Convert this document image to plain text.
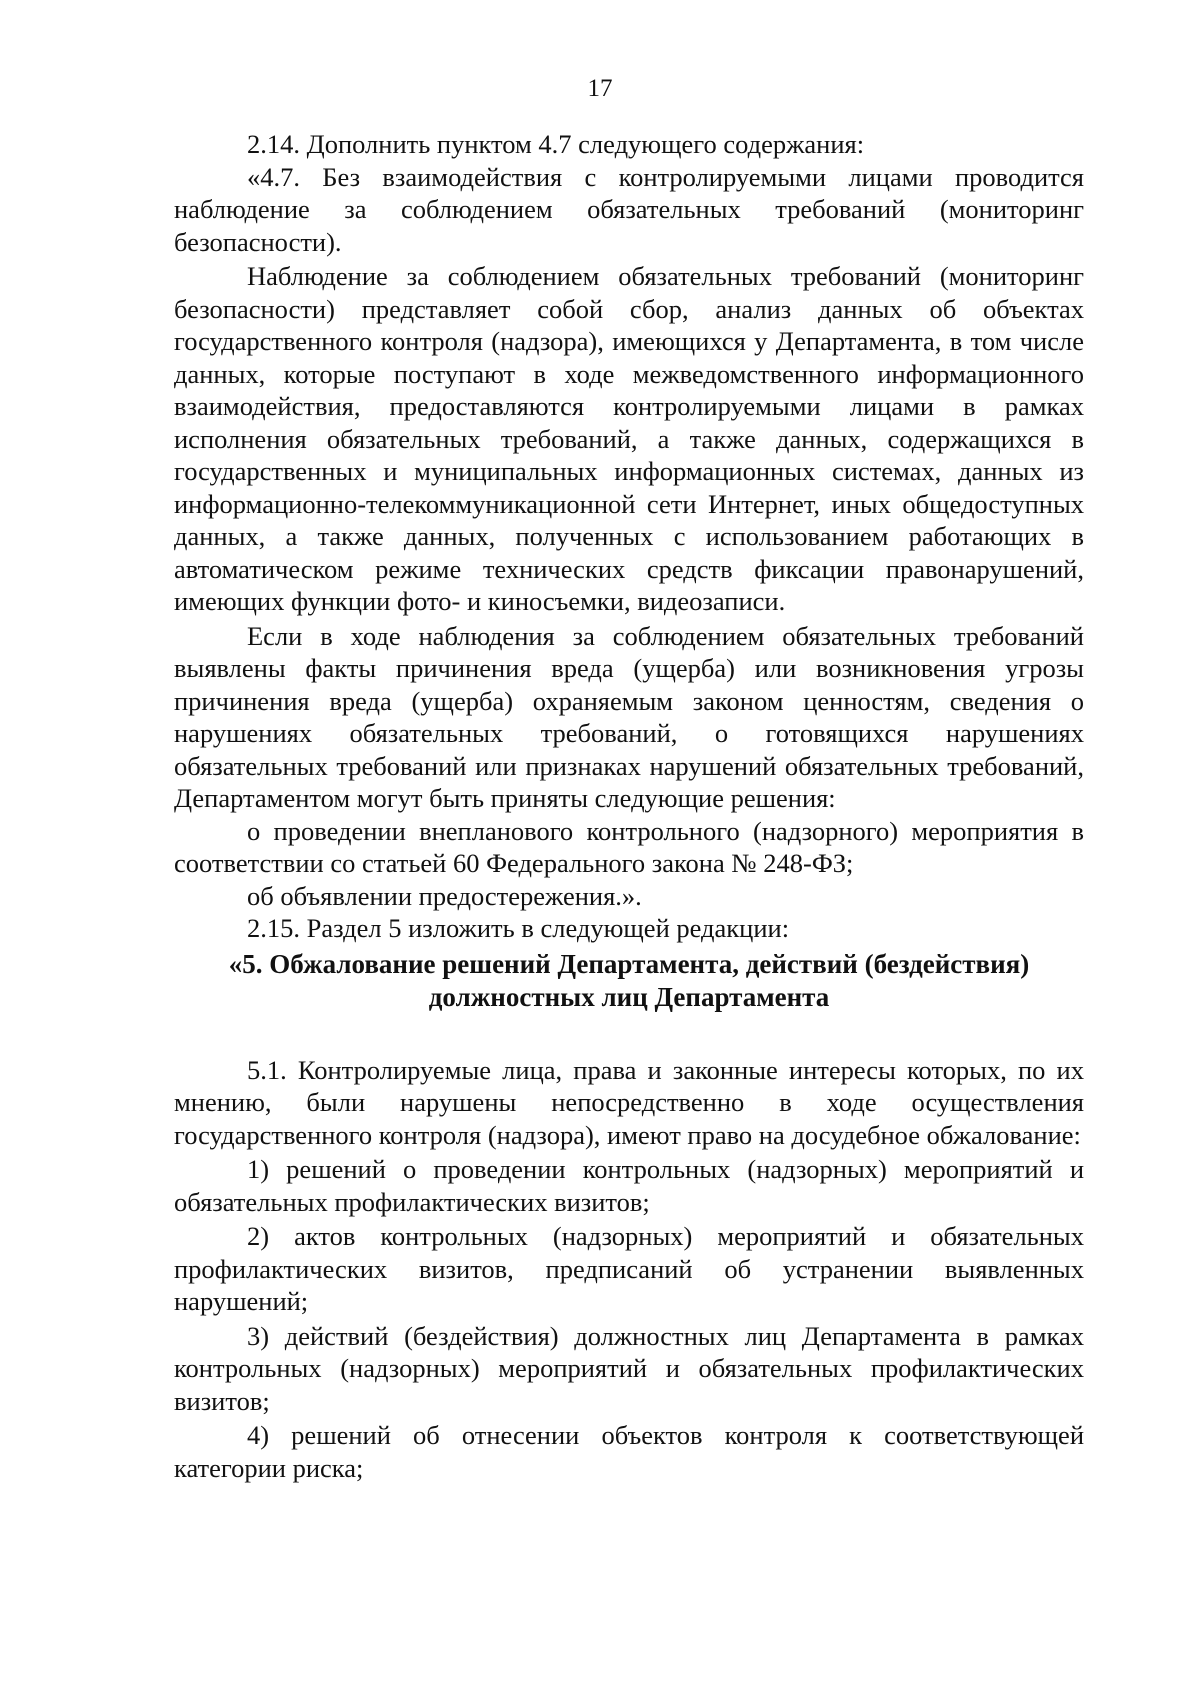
17

2.14. Дополнить пунктом 4.7 следующего содержания:

«4.7. Без взаимодействия с контролируемыми лицами проводится наблюдение за соблюдением обязательных требований (мониторинг безопасности).

Наблюдение за соблюдением обязательных требований (мониторинг безопасности) представляет собой сбор, анализ данных об объектах государственного контроля (надзора), имеющихся у Департамента, в том числе данных, которые поступают в ходе межведомственного информационного взаимодействия, предоставляются контролируемыми лицами в рамках исполнения обязательных требований, а также данных, содержащихся в государственных и муниципальных информационных системах, данных из информационно-телекоммуникационной сети Интернет, иных общедоступных данных, а также данных, полученных с использованием работающих в автоматическом режиме технических средств фиксации правонарушений, имеющих функции фото- и киносъемки, видеозаписи.

Если в ходе наблюдения за соблюдением обязательных требований выявлены факты причинения вреда (ущерба) или возникновения угрозы причинения вреда (ущерба) охраняемым законом ценностям, сведения о нарушениях обязательных требований, о готовящихся нарушениях обязательных требований или признаках нарушений обязательных требований, Департаментом могут быть приняты следующие решения:

о проведении внепланового контрольного (надзорного) мероприятия в соответствии со статьей 60 Федерального закона № 248-ФЗ;

об объявлении предостережения.».

2.15. Раздел 5 изложить в следующей редакции:

«5. Обжалование решений Департамента, действий (бездействия)
должностных лиц Департамента

5.1. Контролируемые лица, права и законные интересы которых, по их мнению, были нарушены непосредственно в ходе осуществления государственного контроля (надзора), имеют право на досудебное обжалование:

1) решений о проведении контрольных (надзорных) мероприятий и обязательных профилактических визитов;

2) актов контрольных (надзорных) мероприятий и обязательных профилактических визитов, предписаний об устранении выявленных нарушений;

3) действий (бездействия) должностных лиц Департамента в рамках контрольных (надзорных) мероприятий и обязательных профилактических визитов;

4) решений об отнесении объектов контроля к соответствующей категории риска;
